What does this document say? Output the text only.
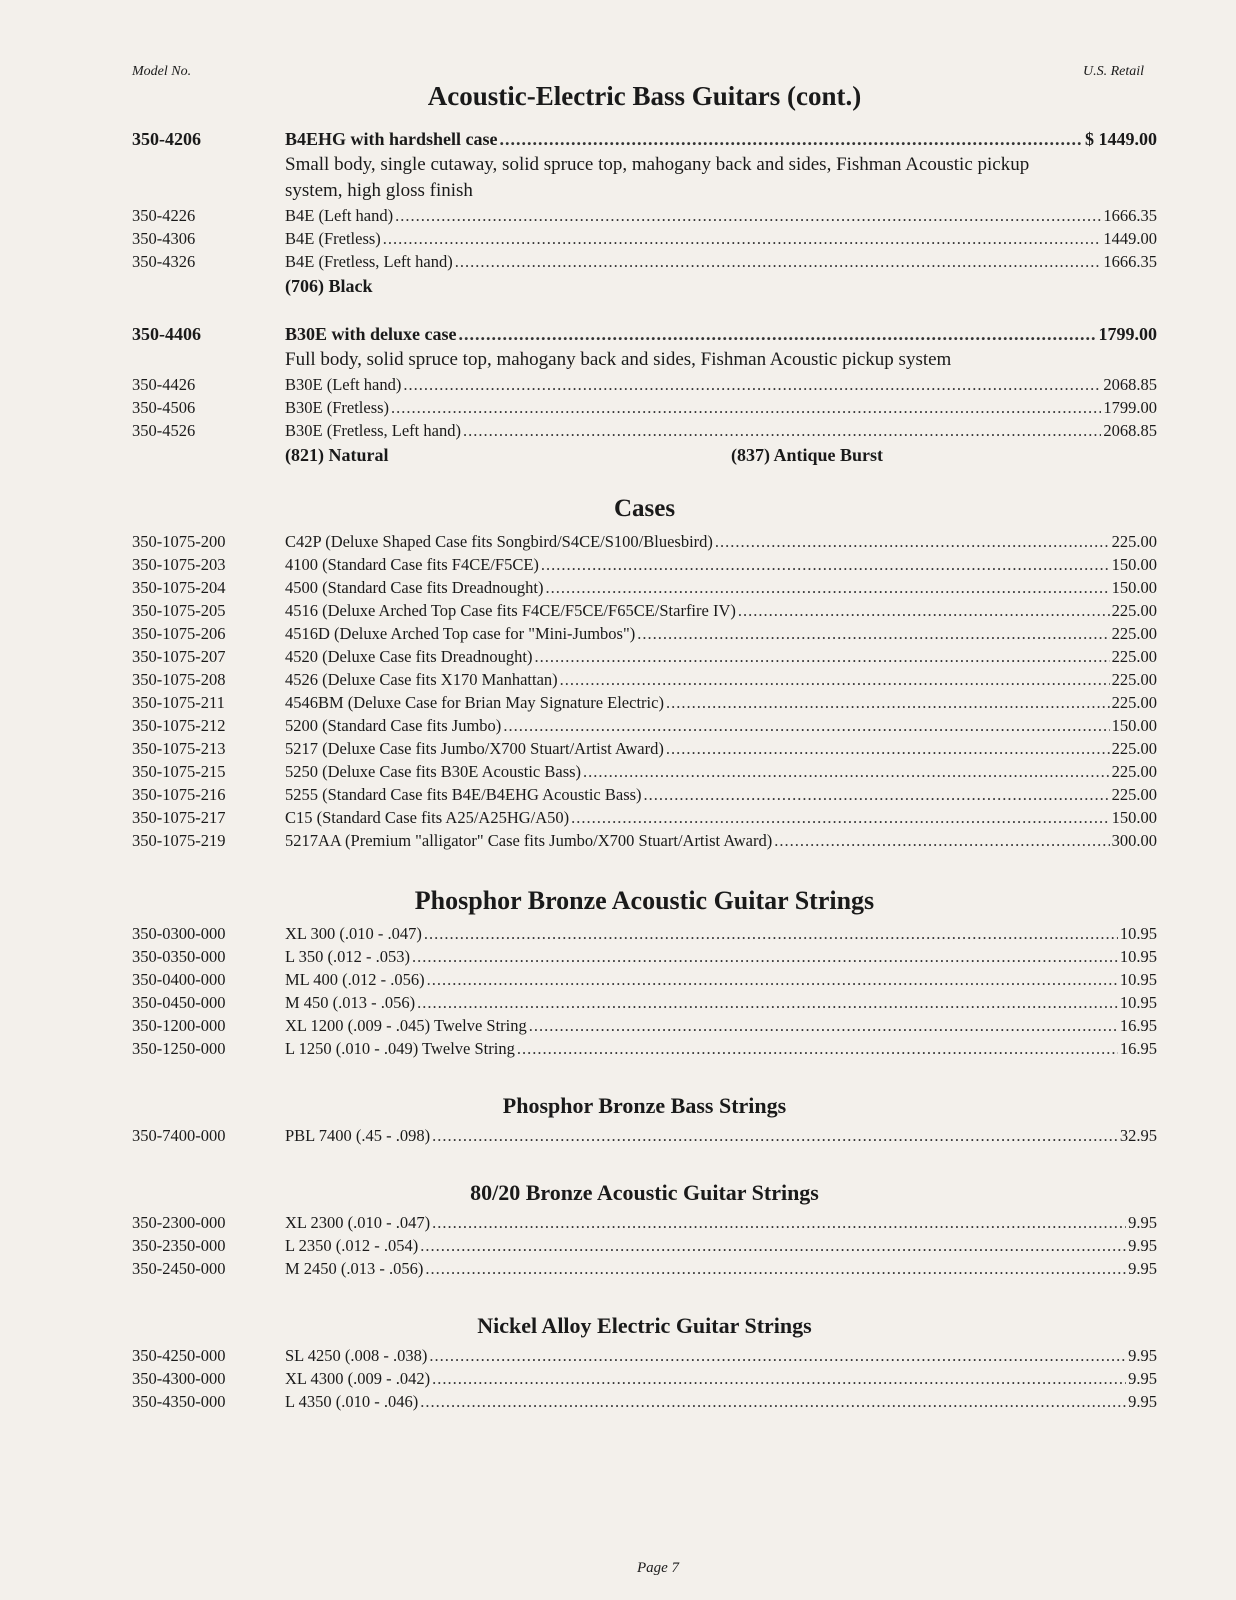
Model No.	U.S. Retail
Acoustic-Electric Bass Guitars (cont.)
350-4206	B4EHG with hardshell case .....	$ 1449.00
Small body, single cutaway, solid spruce top, mahogany back and sides, Fishman Acoustic pickup system, high gloss finish
350-4226	B4E (Left hand) .....	1666.35
350-4306	B4E (Fretless) .....	1449.00
350-4326	B4E (Fretless, Left hand) .....	1666.35
(706) Black
350-4406	B30E with deluxe case .....	1799.00
Full body, solid spruce top, mahogany back and sides, Fishman Acoustic pickup system
350-4426	B30E (Left hand) .....	2068.85
350-4506	B30E (Fretless) .....	1799.00
350-4526	B30E (Fretless, Left hand) .....	2068.85
(821) Natural	(837) Antique Burst
Cases
350-1075-200	C42P (Deluxe Shaped Case fits Songbird/S4CE/S100/Bluesbird) .....	225.00
350-1075-203	4100 (Standard Case fits F4CE/F5CE) .....	150.00
350-1075-204	4500 (Standard Case fits Dreadnought) .....	150.00
350-1075-205	4516 (Deluxe Arched Top Case fits F4CE/F5CE/F65CE/Starfire IV) .....	225.00
350-1075-206	4516D (Deluxe Arched Top case for "Mini-Jumbos") .....	225.00
350-1075-207	4520 (Deluxe Case fits Dreadnought) .....	225.00
350-1075-208	4526 (Deluxe Case fits X170 Manhattan) .....	225.00
350-1075-211	4546BM (Deluxe Case for Brian May Signature Electric) .....	225.00
350-1075-212	5200 (Standard Case fits Jumbo) .....	150.00
350-1075-213	5217 (Deluxe Case fits Jumbo/X700 Stuart/Artist Award) .....	225.00
350-1075-215	5250 (Deluxe Case fits B30E Acoustic Bass) .....	225.00
350-1075-216	5255 (Standard Case fits B4E/B4EHG Acoustic Bass) .....	225.00
350-1075-217	C15 (Standard Case fits A25/A25HG/A50) .....	150.00
350-1075-219	5217AA (Premium "alligator" Case fits Jumbo/X700 Stuart/Artist Award) .....	300.00
Phosphor Bronze Acoustic Guitar Strings
350-0300-000	XL 300 (.010 - .047) .....	10.95
350-0350-000	L 350 (.012 - .053) .....	10.95
350-0400-000	ML 400 (.012 - .056) .....	10.95
350-0450-000	M 450 (.013 - .056) .....	10.95
350-1200-000	XL 1200 (.009 - .045) Twelve String .....	16.95
350-1250-000	L 1250 (.010 - .049) Twelve String .....	16.95
Phosphor Bronze Bass Strings
350-7400-000	PBL 7400 (.45 - .098) .....	32.95
80/20 Bronze Acoustic Guitar Strings
350-2300-000	XL 2300 (.010 - .047) .....	9.95
350-2350-000	L 2350 (.012 - .054) .....	9.95
350-2450-000	M 2450 (.013 - .056) .....	9.95
Nickel Alloy Electric Guitar Strings
350-4250-000	SL 4250 (.008 - .038) .....	9.95
350-4300-000	XL 4300 (.009 - .042) .....	9.95
350-4350-000	L 4350 (.010 - .046) .....	9.95
Page 7
